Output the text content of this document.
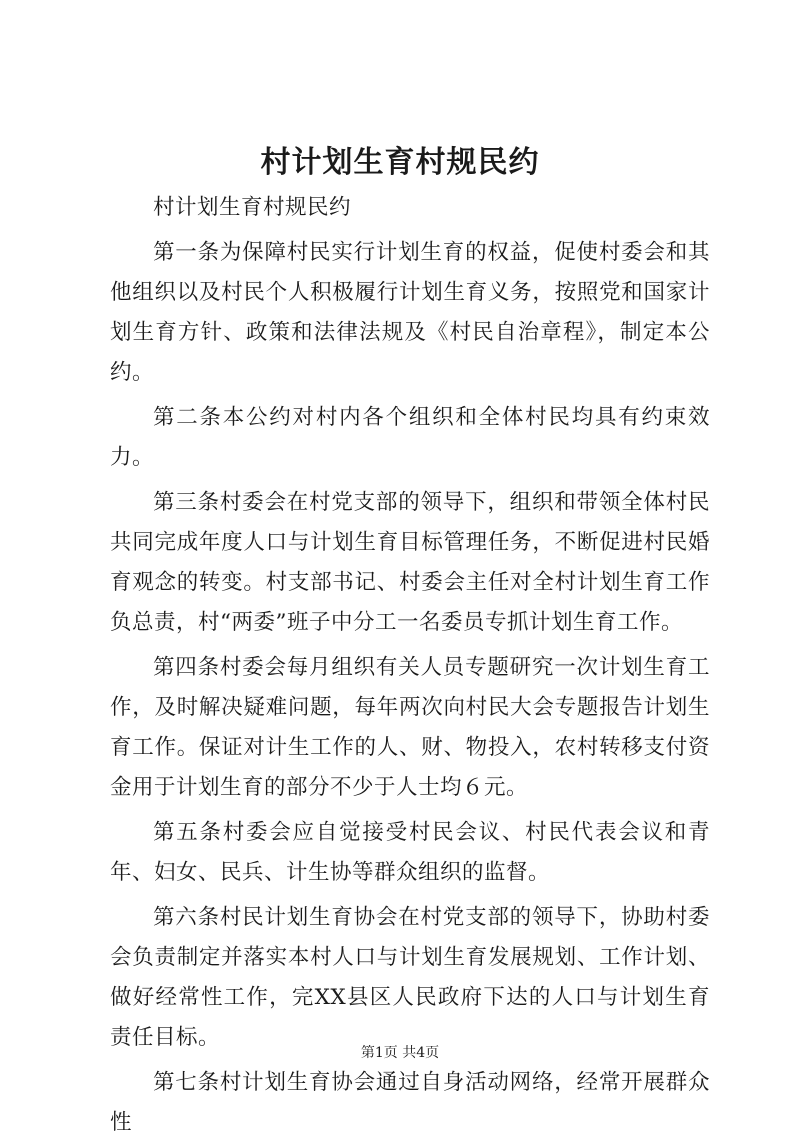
村计划生育村规民约

村计划生育村规民约

第一条为保障村民实行计划生育的权益，促使村委会和其他组织以及村民个人积极履行计划生育义务，按照党和国家计划生育方针、政策和法律法规及《村民自治章程》，制定本公约。

第二条本公约对村内各个组织和全体村民均具有约束效力。

第三条村委会在村党支部的领导下，组织和带领全体村民共同完成年度人口与计划生育目标管理任务，不断促进村民婚育观念的转变。村支部书记、村委会主任对全村计划生育工作负总责，村“两委”班子中分工一名委员专抓计划生育工作。

第四条村委会每月组织有关人员专题研究一次计划生育工作，及时解决疑难问题，每年两次向村民大会专题报告计划生育工作。保证对计生工作的人、财、物投入，农村转移支付资金用于计划生育的部分不少于人士均６元。

第五条村委会应自觉接受村民会议、村民代表会议和青年、妇女、民兵、计生协等群众组织的监督。

第六条村民计划生育协会在村党支部的领导下，协助村委会负责制定并落实本村人口与计划生育发展规划、工作计划、做好经常性工作，完XX县区人民政府下达的人口与计划生育责任目标。

第七条村计划生育协会通过自身活动网络，经常开展群众性

第1页 共4页
